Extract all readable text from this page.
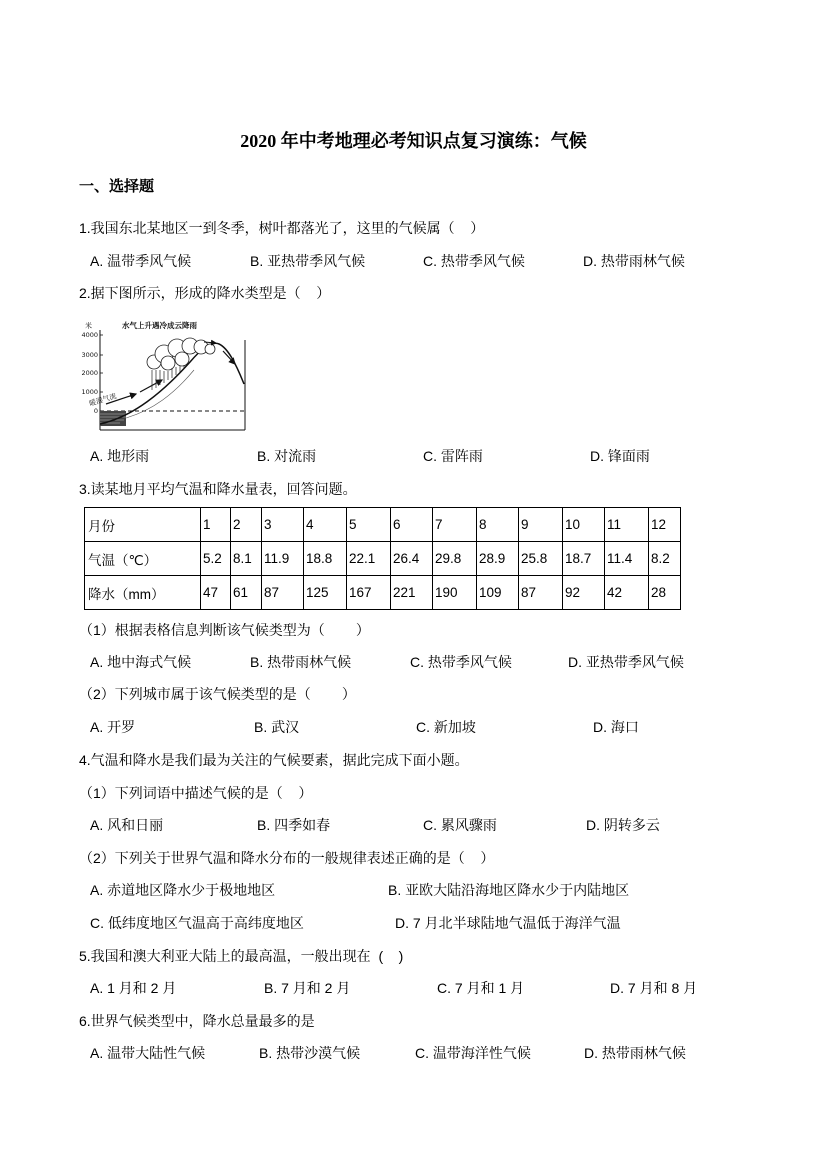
2020 年中考地理必考知识点复习演练：气候
一、选择题
1.我国东北某地区一到冬季，树叶都落光了，这里的气候属（    ）
A. 温带季风气候	B. 亚热带季风气候	C. 热带季风气候	D. 热带雨林气候
2.据下图所示，形成的降水类型是（    ）
米	水气上升遇冷成云降雨
4000
3000
2000
1000
0
暖湿气流
A. 地形雨	B. 对流雨	C. 雷阵雨	D. 锋面雨
3.读某地月平均气温和降水量表，回答问题。
月份	1	2	3	4	5	6	7	8	9	10	11	12
气温（℃）	5.2	8.1	11.9	18.8	22.1	26.4	29.8	28.9	25.8	18.7	11.4	8.2
降水（mm）	47	61	87	125	167	221	190	109	87	92	42	28
（1）根据表格信息判断该气候类型为（        ）
A. 地中海式气候	B. 热带雨林气候	C. 热带季风气候	D. 亚热带季风气候
（2）下列城市属于该气候类型的是（        ）
A. 开罗	B. 武汉	C. 新加坡	D. 海口
4.气温和降水是我们最为关注的气候要素，据此完成下面小题。
（1）下列词语中描述气候的是（    ）
A. 风和日丽	B. 四季如春	C. 累风骤雨	D. 阴转多云
（2）下列关于世界气温和降水分布的一般规律表述正确的是（    ）
A. 赤道地区降水少于极地地区	B. 亚欧大陆沿海地区降水少于内陆地区
C. 低纬度地区气温高于高纬度地区	D. 7 月北半球陆地气温低于海洋气温
5.我国和澳大利亚大陆上的最高温，一般出现在  (    )
A. 1 月和 2 月	B. 7 月和 2 月	C. 7 月和 1 月	D. 7 月和 8 月
6.世界气候类型中，降水总量最多的是
A. 温带大陆性气候	B. 热带沙漠气候	C. 温带海洋性气候	D. 热带雨林气候
